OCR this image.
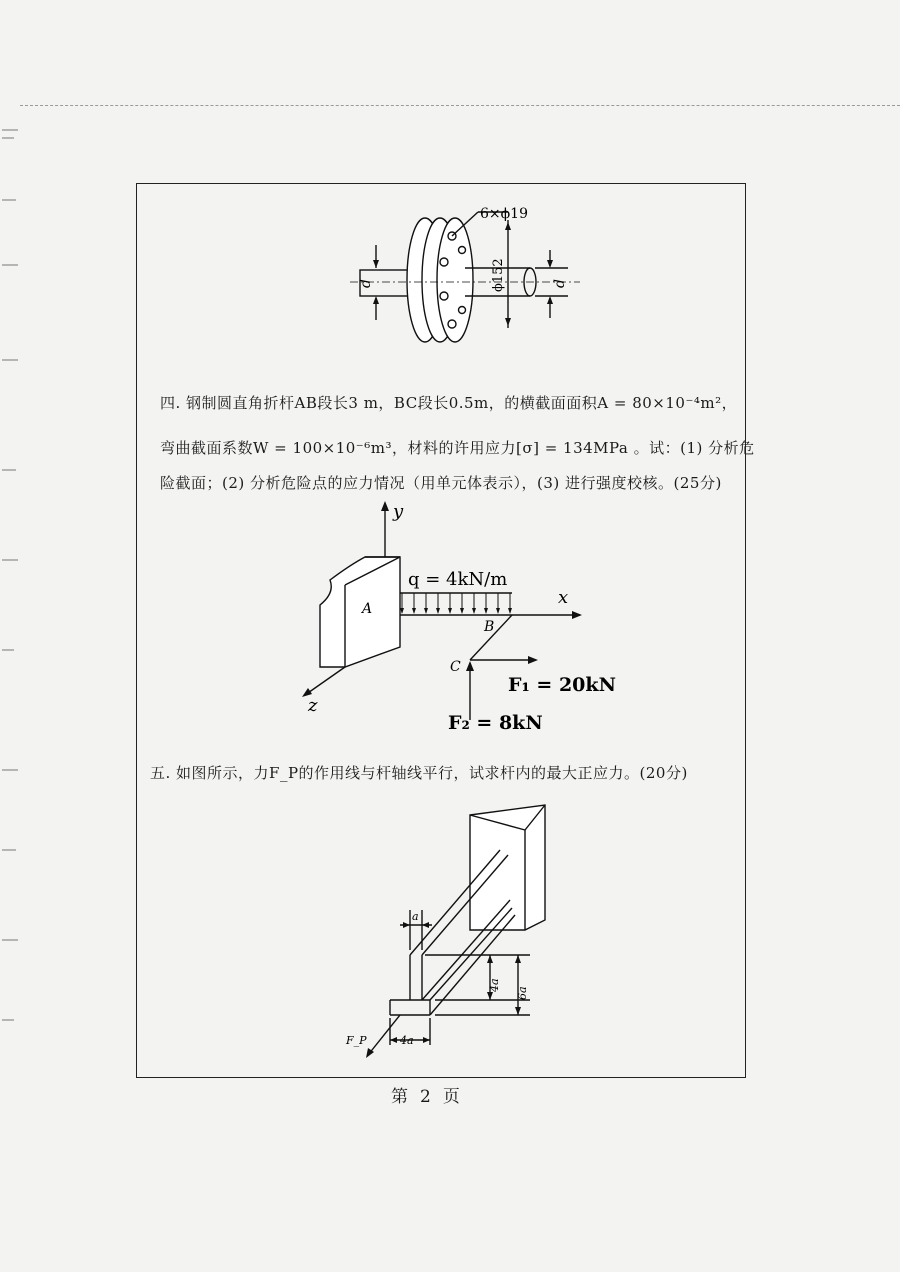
6×ϕ19
ϕ152
d	d
四. 钢制圆直角折杆AB段长3 m，BC段长0.5m，的横截面面积A = 80×10⁻⁴m²，
弯曲截面系数W = 100×10⁻⁶m³，材料的许用应力[σ] = 134MPa 。试：(1) 分析危
险截面；(2) 分析危险点的应力情况（用单元体表示），(3) 进行强度校核。(25分)
y
x
z
A
B
C
q = 4kN/m
F₁ = 20kN
F₂ = 8kN
五. 如图所示，力F_P的作用线与杆轴线平行，试求杆内的最大正应力。(20分)
a
4a
6a
4a
F_P
第 2 页
